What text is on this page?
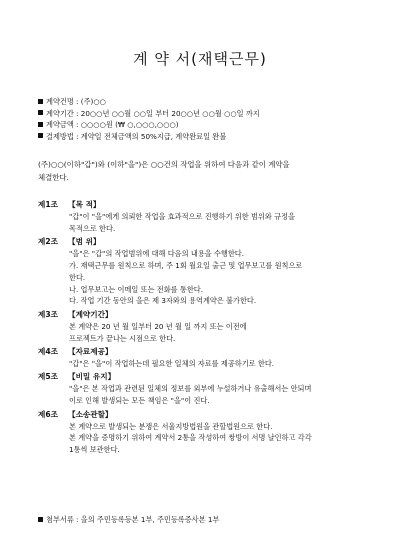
계 약 서(재택근무)
계약건명 : (주)○○
계약기간 : 20○○년 ○○월 ○○일 부터 20○○년 ○○월 ○○일 까지
계약금액 : ○○○○원 (₩ ○,○○○,○○○)
결제방법 : 계약일 전체금액의 50%지급, 계약완료일 완불
(주)○○(이하"갑")와 (이하"을")은 ○○건의 작업을 위하여 다음과 같이 계약을
체결한다.
제1조 【목 적】

"갑"이 "을"에게 의뢰한 작업을 효과적으로 진행하기 위한 범위와 규정을

목적으로 한다.

제2조 【범 위】

"을"은 "갑"의 작업범위에 대해 다음의 내용을 수행한다.

가. 재택근무를 원칙으로 하며, 주 1회 월요일 출근 및 업무보고를 원칙으로

한다.

나. 업무보고는 이메일 또는 전화를 통한다.

다. 작업 기간 동안의 을은 제 3자와의 용역계약은 불가한다.

제3조 【계약기간】

본 계약은 20 년 월 일부터 20 년 월 일 까지 또는 이전에

프로젝트가 끝나는 시점으로 한다.

제4조 【자료제공】

"갑"은 "을"이 작업하는데 필요한 일체의 자료를 제공하기로 한다.

제5조 【비밀 유지】

"을"은 본 작업과 관련된 일체의 정보를 외부에 누설하거나 유출해서는 안되며

이로 인해 발생되는 모든 책임은 "을"이 진다.

제6조 【소송관할】

본 계약으로 발생되는 분쟁은 서울지방법원을 관할법원으로 한다.

본 계약을 증명하기 위하여 계약서 2통을 작성하여 쌍방이 서명 날인하고 각각

1통씩 보관한다.

첨부서류 : 을의 주민등록등본 1부, 주민등록증사본 1부
